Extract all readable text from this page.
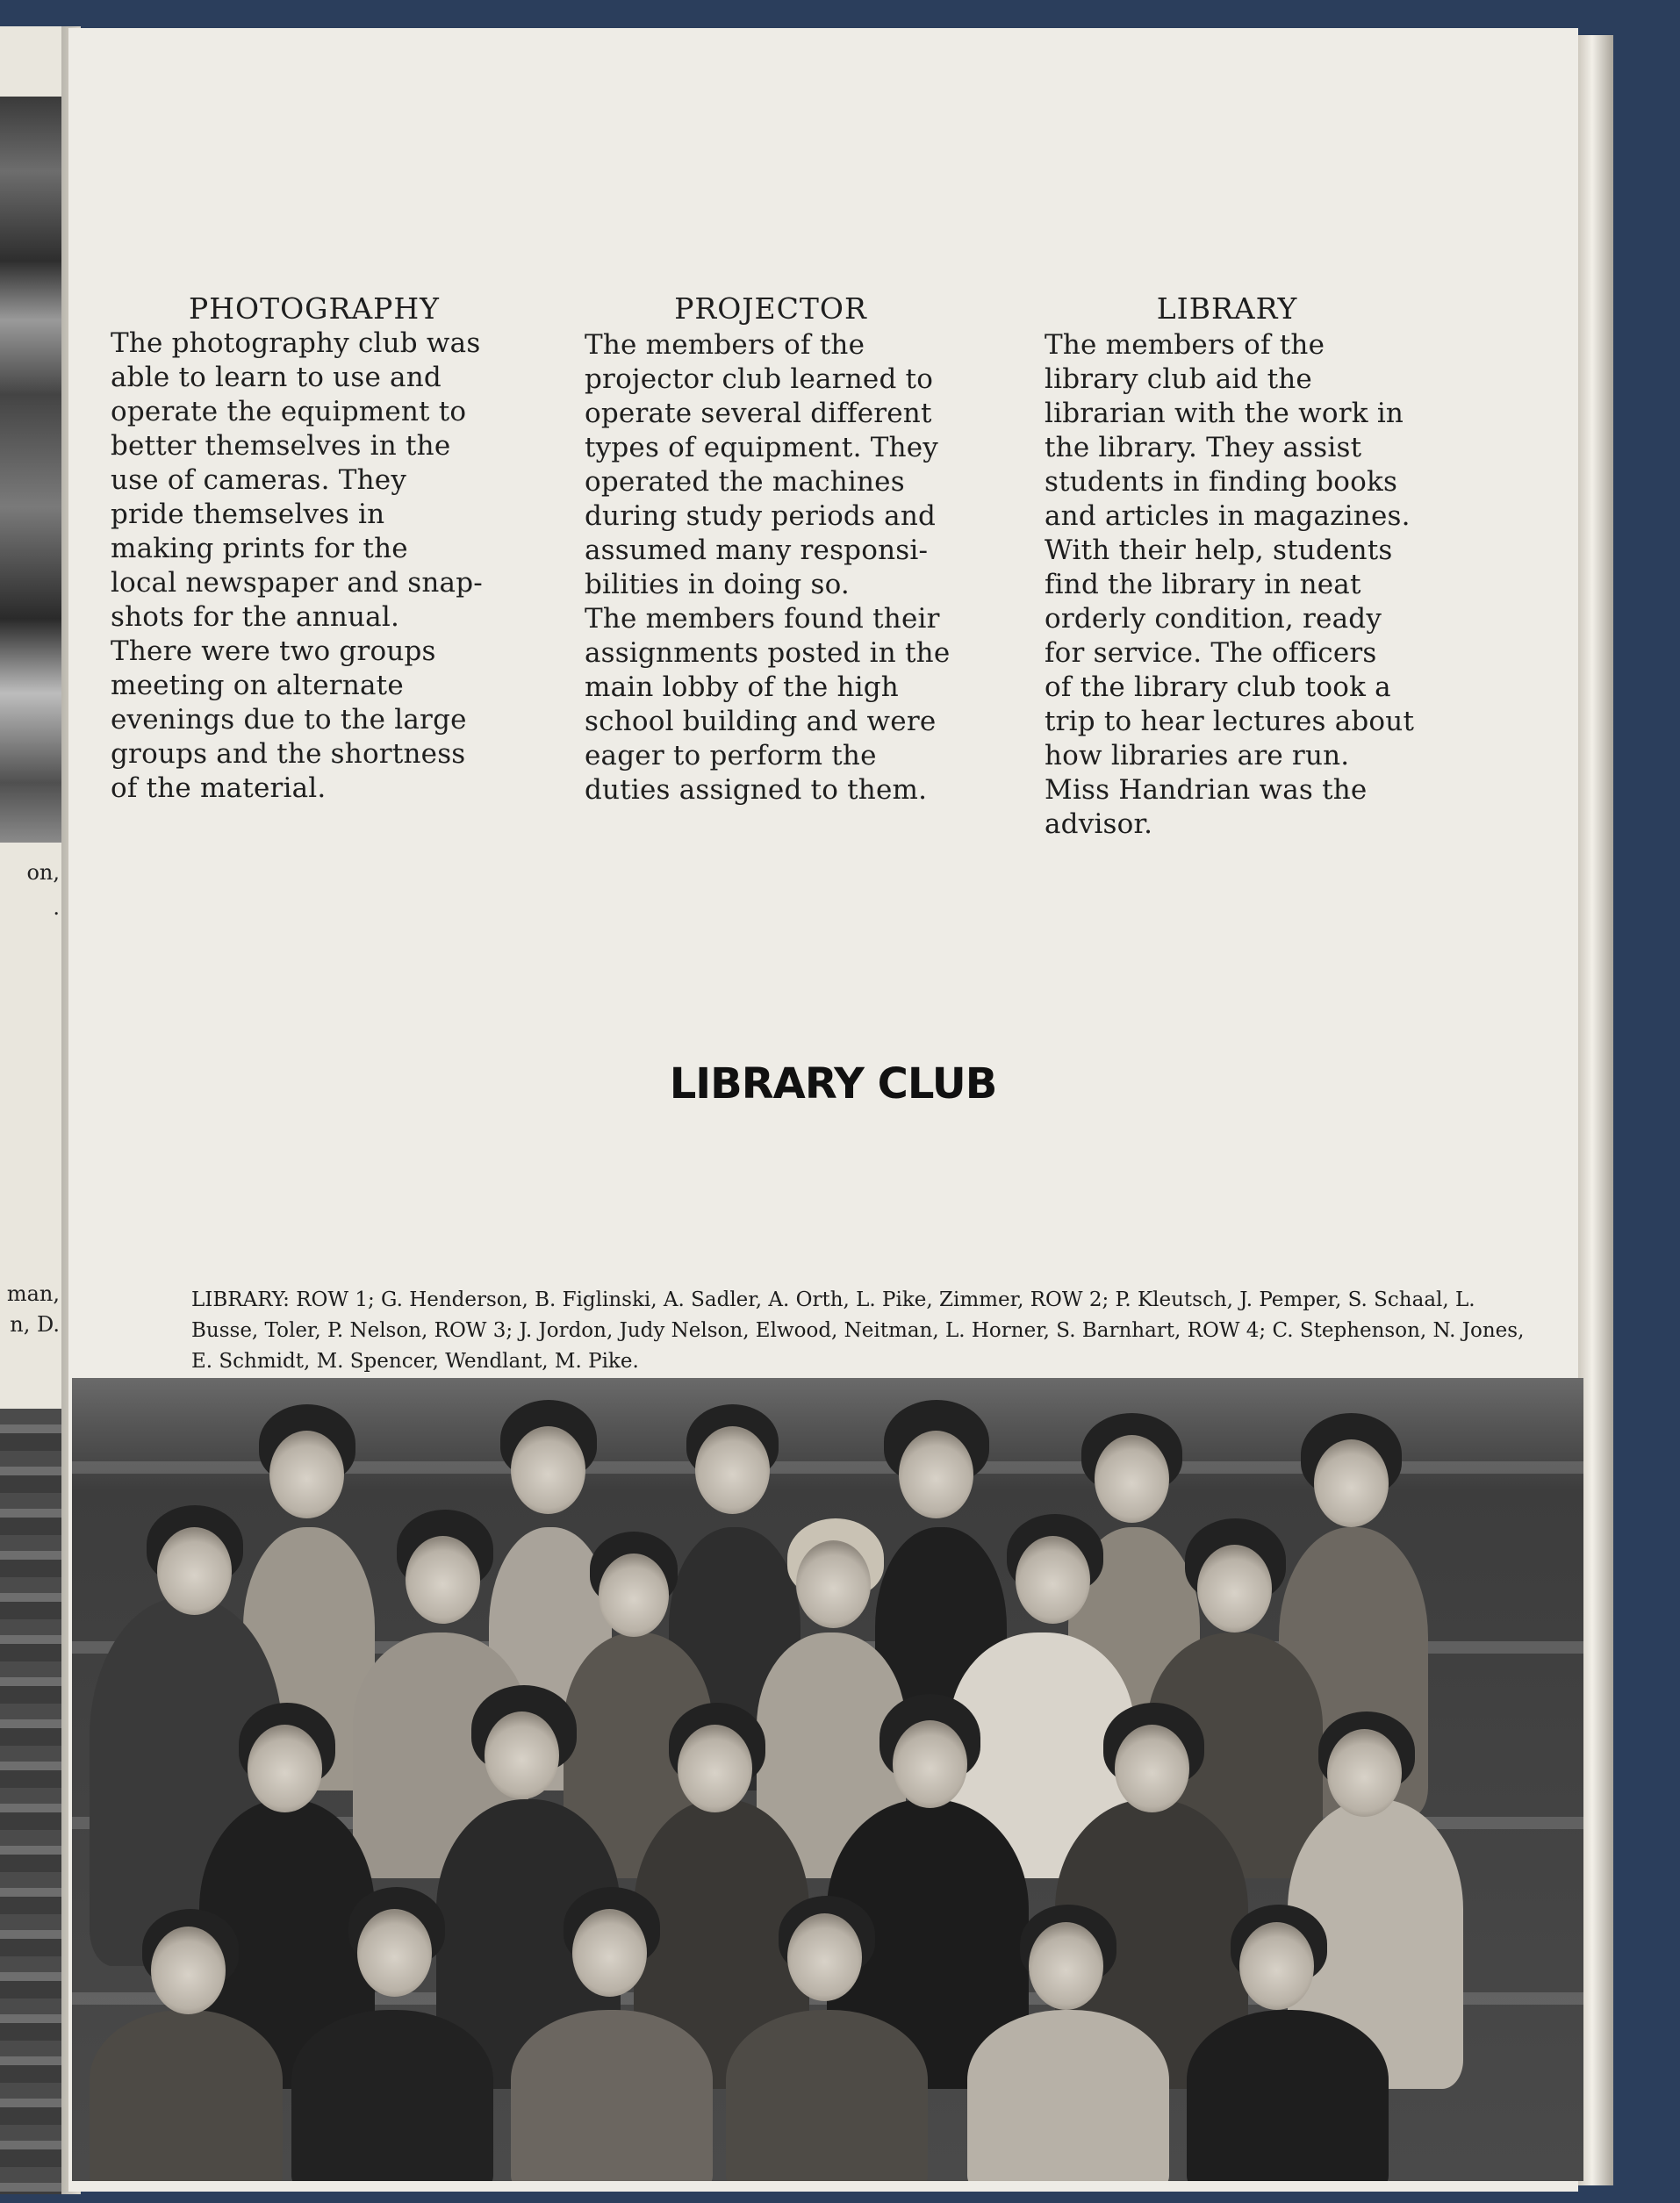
on,
.
man,
n, D.
PHOTOGRAPHY
The photography club was
able to learn to use and
operate the equipment to
better themselves in the
use of cameras. They
pride themselves in
making prints for the
local newspaper and snap-
shots for the annual.
There were two groups
meeting on alternate
evenings due to the large
groups and the shortness
of the material.
PROJECTOR
The members of the
projector club learned to
operate several different
types of equipment. They
operated the machines
during study periods and
assumed many responsi-
bilities in doing so.
The members found their
assignments posted in the
main lobby of the high
school building and were
eager to perform the
duties assigned to them.
LIBRARY
The members of the
library club aid the
librarian with the work in
the library. They assist
students in finding books
and articles in magazines.
With their help, students
find the library in neat
orderly condition, ready
for service. The officers
of the library club took a
trip to hear lectures about
how libraries are run.
Miss Handrian was the
advisor.
LIBRARY CLUB
LIBRARY: ROW 1; G. Henderson, B. Figlinski, A. Sadler, A. Orth, L. Pike, Zimmer, ROW 2; P. Kleutsch, J. Pemper, S. Schaal, L. Busse, Toler, P. Nelson, ROW 3; J. Jordon, Judy Nelson, Elwood, Neitman, L. Horner, S. Barnhart, ROW 4; C. Stephenson, N. Jones, E. Schmidt, M. Spencer, Wendlant, M. Pike.
